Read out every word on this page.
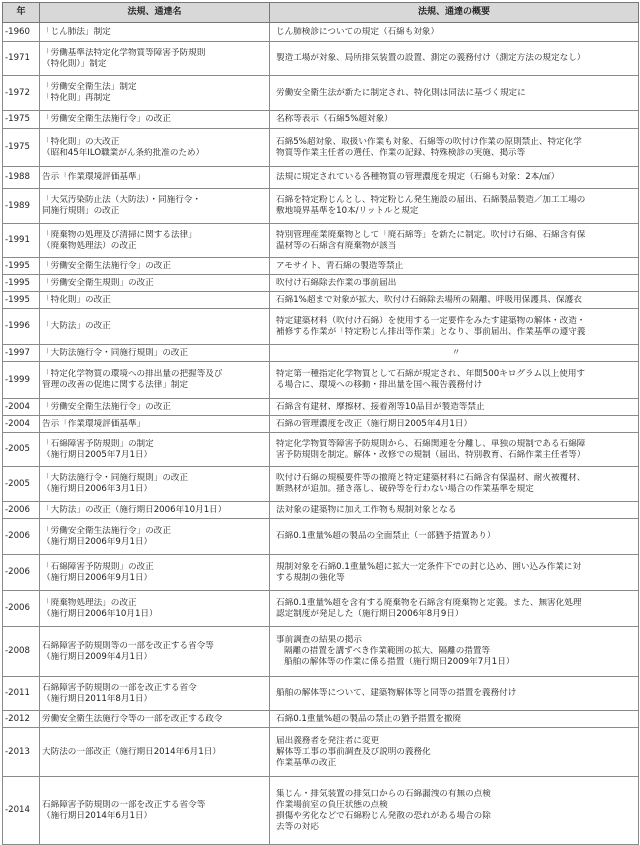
年	法規、通達名	法規、通達の概要
-1960	「じん肺法」制定	じん肺検診についての規定（石綿も対象）

-1971	「労働基準法特定化学物質等障害予防規則
（特化則）」制定	製造工場が対象、局所排気装置の設置、測定の義務付け（測定方法の規定なし）

-1972	「労働安全衛生法」制定
「特化則」再制定	労働安全衛生法が新たに制定され、特化則は同法に基づく規定に

-1975	「労働安全衛生法施行令」の改正	名称等表示（石綿5%超対象）

-1975	「特化則」の大改正
（昭和45年ILO職業がん条約批准のため）	石綿5%超対象、取扱い作業も対象、石綿等の吹付け作業の原則禁止、特定化学
物質等作業主任者の選任、作業の記録、特殊検診の実施、掲示等

-1988	告示「作業環境評価基準」	法規に規定されている各種物質の管理濃度を規定（石綿も対象：2本/㎠）

-1989	「大気汚染防止法（大防法）・同施行令・
同施行規則」の改正	石綿を特定粉じんとし、特定粉じん発生施設の届出、石綿製品製造／加工工場の
敷地境界基準を10本/リットルと規定

-1991	「廃棄物の処理及び清掃に関する法律」
（廃棄物処理法）の改正	特別管理産業廃棄物として「廃石綿等」を新たに制定。吹付け石綿、石綿含有保
温材等の石綿含有廃棄物が該当

-1995	「労働安全衛生法施行令」の改正	アモサイト、青石綿の製造等禁止

-1995	「労働安全衛生規則」の改正	吹付け石綿除去作業の事前届出

-1995	「特化則」の改正	石綿1%超まで対象が拡大、吹付け石綿除去場所の隔離、呼吸用保護具、保護衣

-1996	「大防法」の改正	特定建築材料（吹付け石綿）を使用する一定要件をみたす建築物の解体・改造・
補修する作業が「特定粉じん排出等作業」となり、事前届出、作業基準の遵守義

-1997	「大防法施行令・同施行規則」の改正	〃

-1999	「特定化学物質の環境への排出量の把握等及び
管理の改善の促進に関する法律」制定	特定第一種指定化学物質として石綿が規定され、年間500キログラム以上使用す
る場合に、環境への移動・排出量を国へ報告義務付け

-2004	「労働安全衛生法施行令」の改正	石綿含有建材、摩擦材、接着剤等10品目が製造等禁止

-2004	告示「作業環境評価基準」	石綿の管理濃度を改正（施行期日2005年4月1日）

-2005	「石綿障害予防規則」の制定
（施行期日2005年7月1日）	特定化学物質等障害予防規則から、石綿関連を分離し、単独の規制である石綿障
害予防規則を制定。解体・改修での規制（届出、特別教育、石綿作業主任者等）

-2005	「大防法施行令・同施行規則」の改正
（施行期日2006年3月1日）	吹付け石綿の規模要件等の撤廃と特定建築材料に石綿含有保温材、耐火被覆材、
断熱材が追加。掻き落し、破砕等を行わない場合の作業基準を規定

-2006	「大防法」の改正（施行期日2006年10月1日）	法対象の建築物に加え工作物も規制対象となる

-2006	「労働安全衛生法施行令」の改正
（施行期日2006年9月1日）	石綿0.1重量%超の製品の全面禁止（一部猶予措置あり）

-2006	「石綿障害予防規則」の改正
（施行期日2006年9月1日）	規制対象を石綿0.1重量%超に拡大一定条件下での封じ込め、囲い込み作業に対
する規制の強化等

-2006	「廃棄物処理法」の改正
（施行期日2006年10月1日）	石綿0.1重量%超を含有する廃棄物を石綿含有廃棄物と定義。また、無害化処理
認定制度が発足した（施行期日2006年8月9日）

-2008	石綿障害予防規則等の一部を改正する省令等
（施行期日2009年4月1日）	事前調査の結果の掲示
隔離の措置を講ずべき作業範囲の拡大、隔離の措置等
船舶の解体等の作業に係る措置（施行期日2009年7月1日）

-2011	石綿障害予防規則の一部を改正する省令
（施行期日2011年8月1日）	船舶の解体等について、建築物解体等と同等の措置を義務付け

-2012	労働安全衛生法施行令等の一部を改正する政令	石綿0.1重量%超の製品の禁止の猶予措置を撤廃

-2013	大防法の一部改正（施行期日2014年6月1日）	届出義務者を発注者に変更
解体等工事の事前調査及び説明の義務化
作業基準の改正

-2014	石綿障害予防規則の一部を改正する省令等
（施行期日2014年6月1日）	集じん・排気装置の排気口からの石綿漏洩の有無の点検
作業場前室の負圧状態の点検
損傷や劣化などで石綿粉じん発散の恐れがある場合の除
去等の対応
